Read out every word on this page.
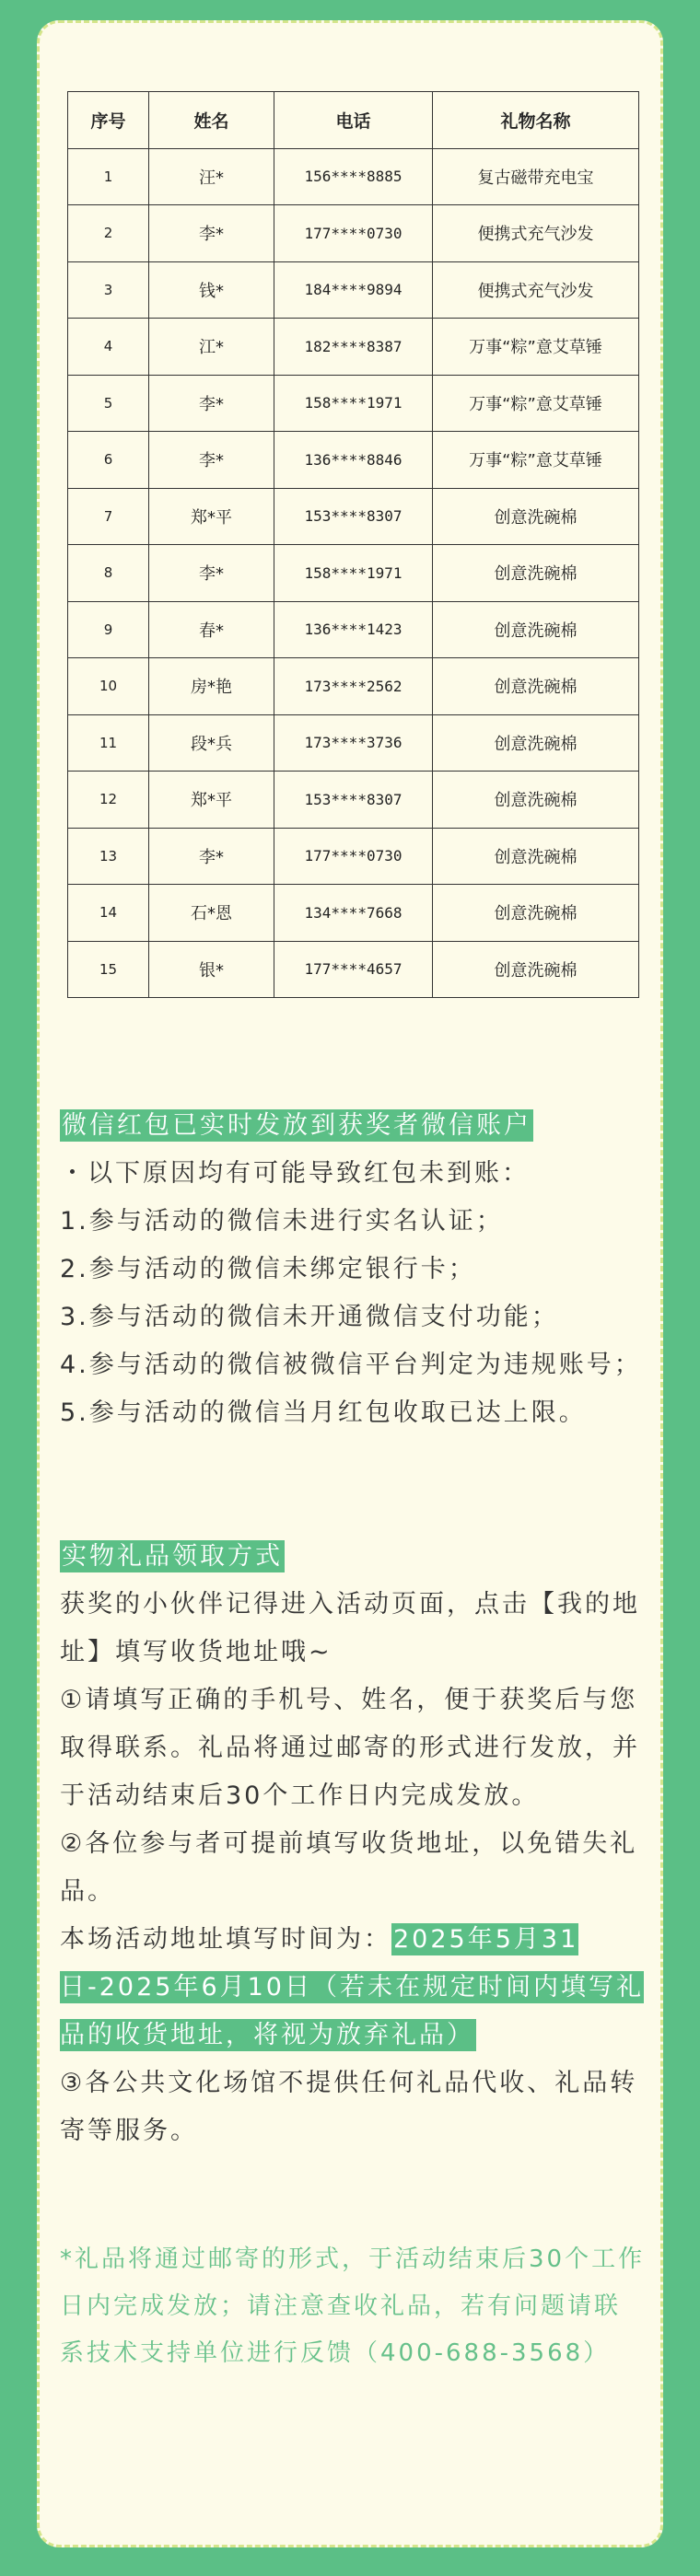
序号	姓名	电话	礼物名称
1	汪*	156****8885	复古磁带充电宝
2	李*	177****0730	便携式充气沙发
3	钱*	184****9894	便携式充气沙发
4	江*	182****8387	万事“粽”意艾草锤
5	李*	158****1971	万事“粽”意艾草锤
6	李*	136****8846	万事“粽”意艾草锤
7	郑*平	153****8307	创意洗碗棉
8	李*	158****1971	创意洗碗棉
9	春*	136****1423	创意洗碗棉
10	房*艳	173****2562	创意洗碗棉
11	段*兵	173****3736	创意洗碗棉
12	郑*平	153****8307	创意洗碗棉
13	李*	177****0730	创意洗碗棉
14	石*恩	134****7668	创意洗碗棉
15	银*	177****4657	创意洗碗棉

微信红包已实时发放到获奖者微信账户

・以下原因均有可能导致红包未到账：

1.参与活动的微信未进行实名认证；

2.参与活动的微信未绑定银行卡；

3.参与活动的微信未开通微信支付功能；

4.参与活动的微信被微信平台判定为违规账号；

5.参与活动的微信当月红包收取已达上限。

实物礼品领取方式

获奖的小伙伴记得进入活动页面，点击【我的地址】填写收货地址哦~

①请填写正确的手机号、姓名，便于获奖后与您取得联系。礼品将通过邮寄的形式进行发放，并于活动结束后30个工作日内完成发放。

②各位参与者可提前填写收货地址，以免错失礼品。

本场活动地址填写时间为：2025年5月31日-2025年6月10日（若未在规定时间内填写礼品的收货地址，将视为放弃礼品）

③各公共文化场馆不提供任何礼品代收、礼品转寄等服务。

*礼品将通过邮寄的形式，于活动结束后30个工作日内完成发放；请注意查收礼品，若有问题请联系技术支持单位进行反馈（400-688-3568）
